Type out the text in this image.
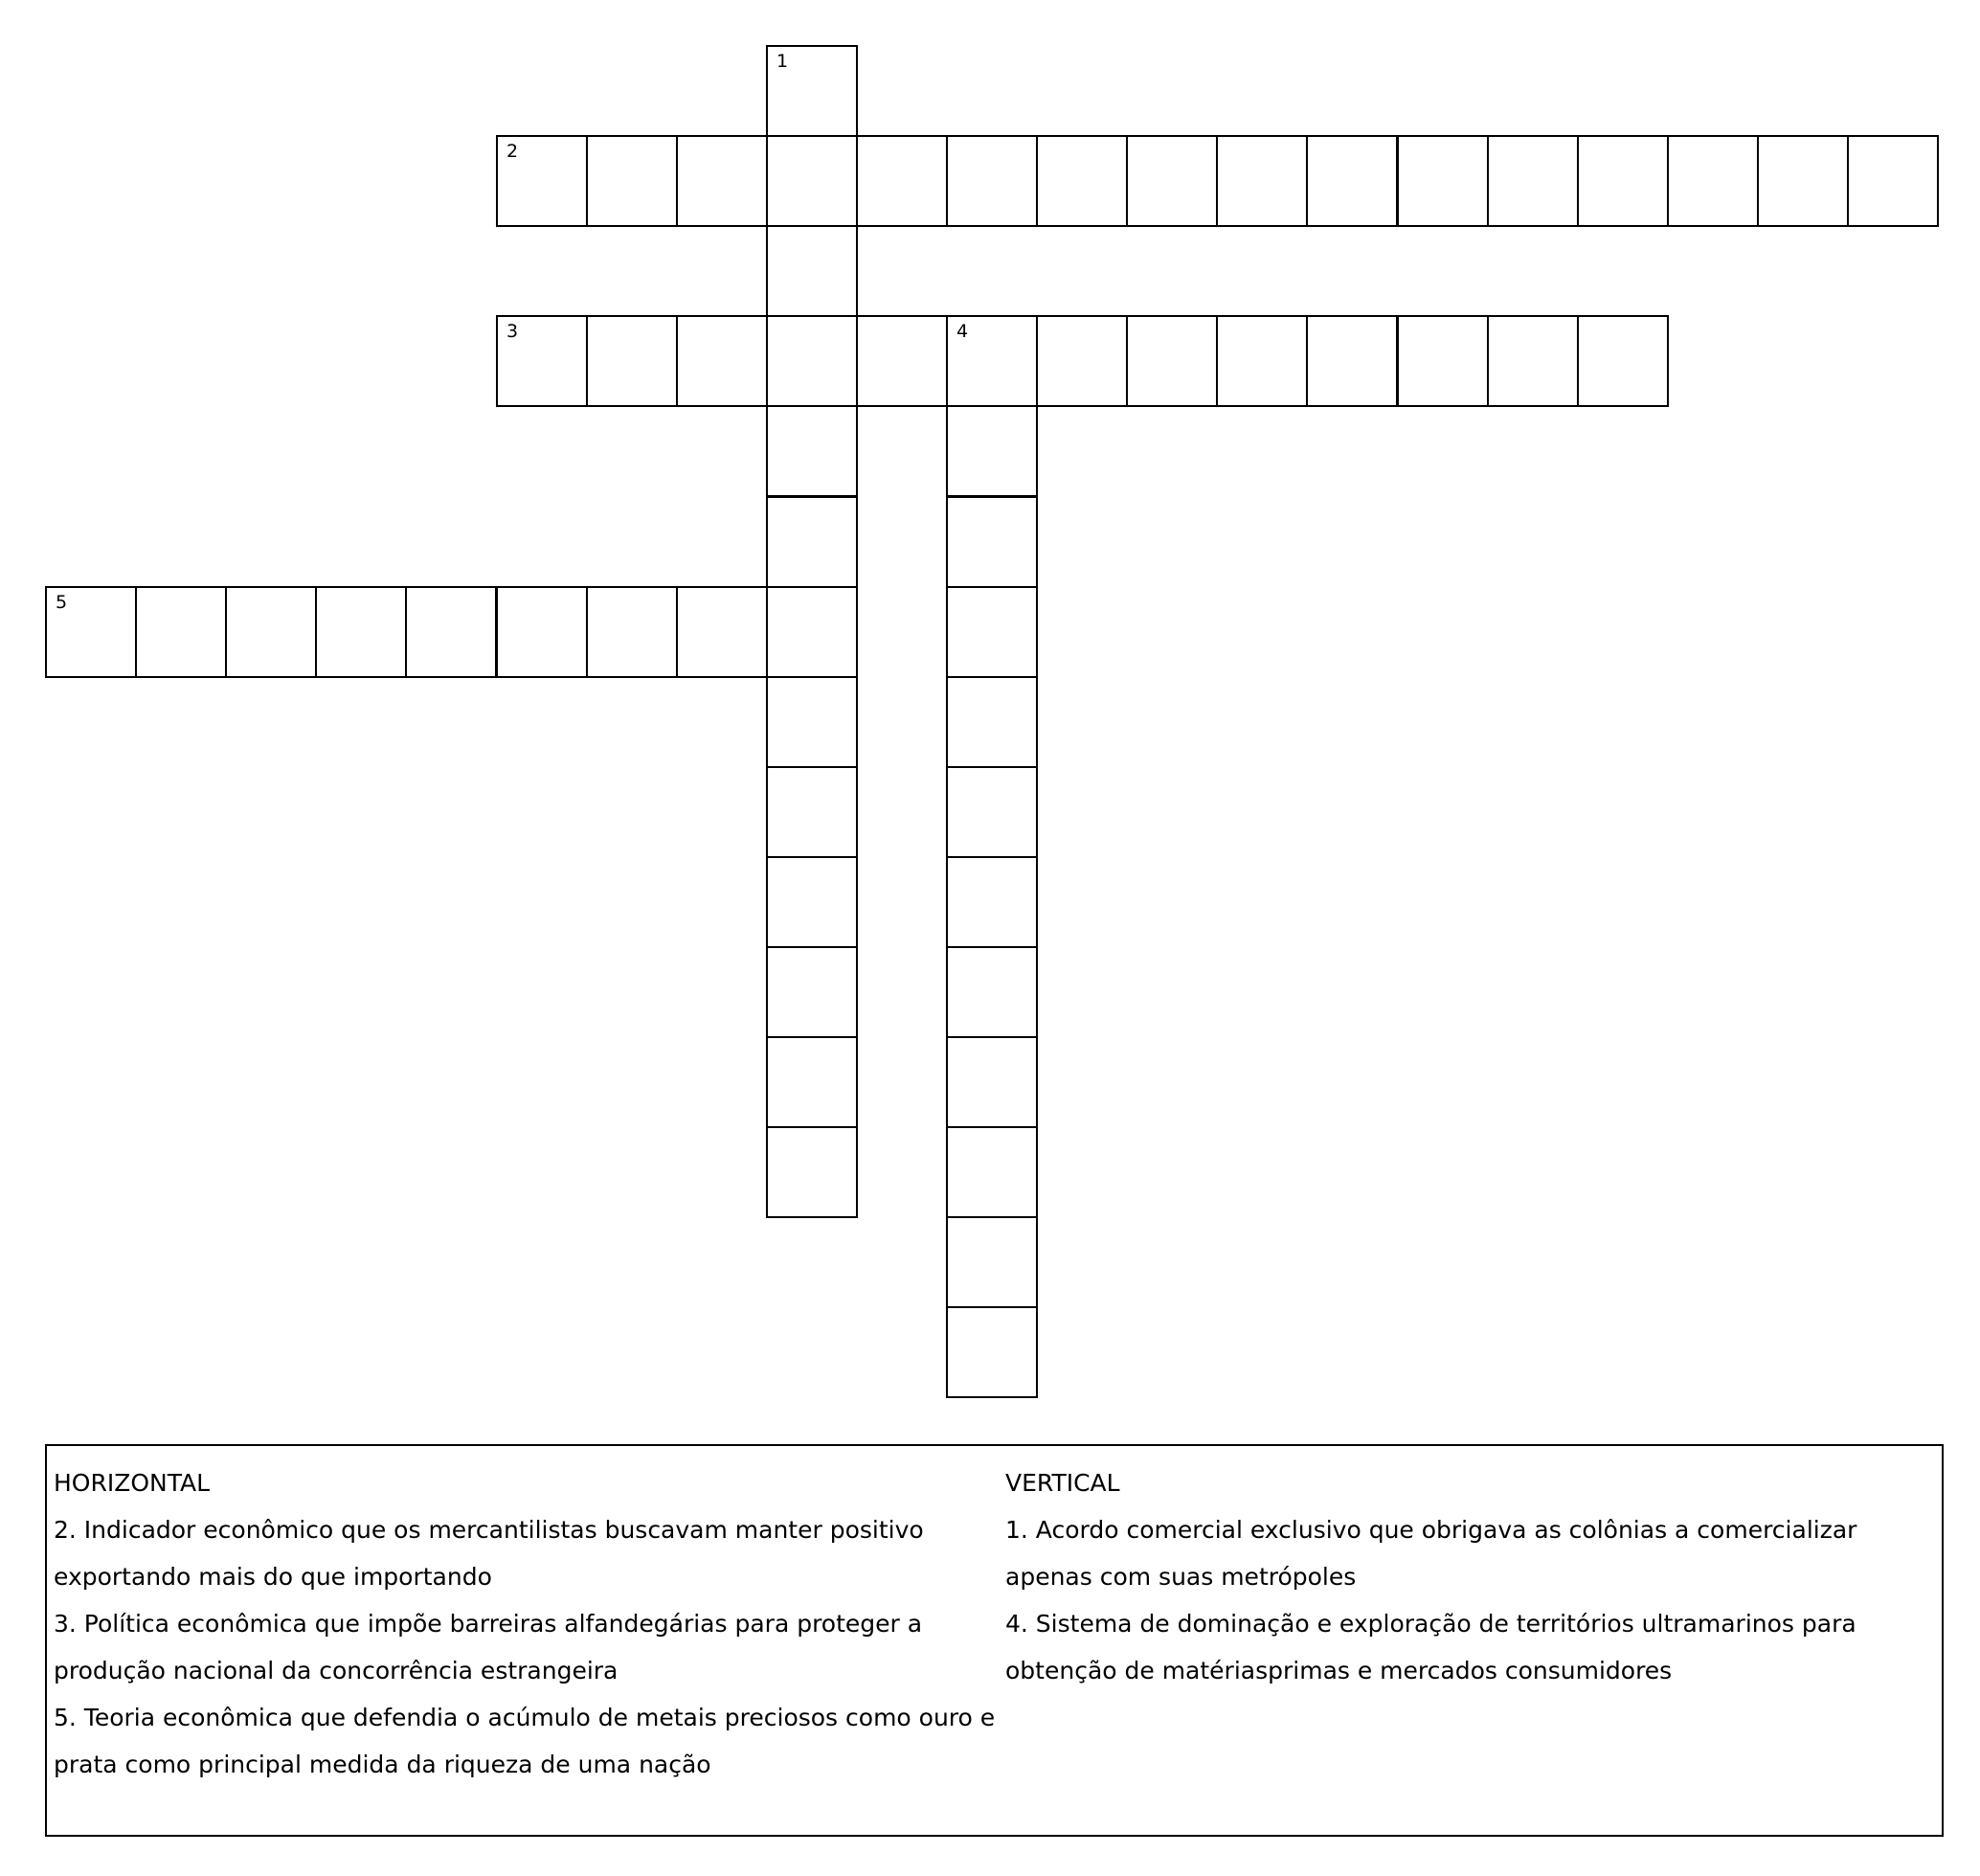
1
2
3	4
5

HORIZONTAL

2. Indicador econômico que os mercantilistas buscavam manter positivo exportando mais do que importando

3. Política econômica que impõe barreiras alfandegárias para proteger a produção nacional da concorrência estrangeira

5. Teoria econômica que defendia o acúmulo de metais preciosos como ouro e prata como principal medida da riqueza de uma nação

VERTICAL

1. Acordo comercial exclusivo que obrigava as colônias a comercializar apenas com suas metrópoles

4. Sistema de dominação e exploração de territórios ultramarinos para obtenção de matériasprimas e mercados consumidores
